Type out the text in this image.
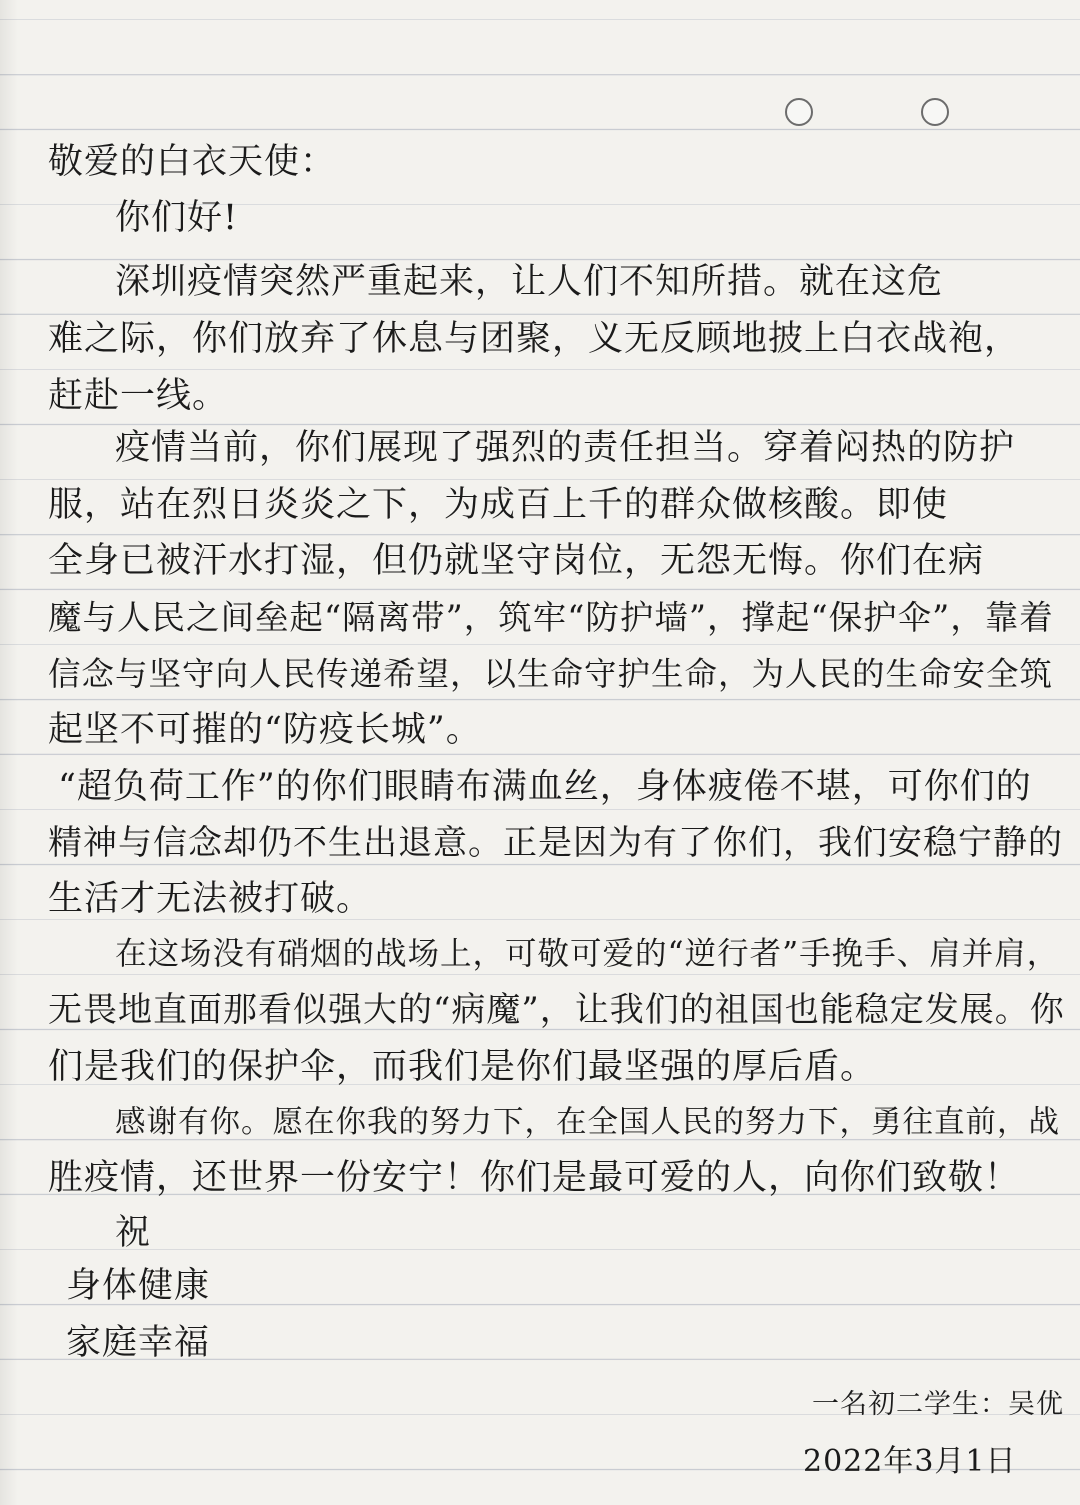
敬爱的白衣天使：
你们好!
深圳疫情突然严重起来，让人们不知所措。就在这危
难之际，你们放弃了休息与团聚，义无反顾地披上白衣战袍，
赶赴一线。
疫情当前，你们展现了强烈的责任担当。穿着闷热的防护
服，站在烈日炎炎之下，为成百上千的群众做核酸。即使
全身已被汗水打湿，但仍就坚守岗位，无怨无悔。你们在病
魔与人民之间垒起“隔离带”，筑牢“防护墙”，撑起“保护伞”，靠着
信念与坚守向人民传递希望，以生命守护生命，为人民的生命安全筑
起坚不可摧的“防疫长城”。
“超负荷工作”的你们眼睛布满血丝，身体疲倦不堪，可你们的
精神与信念却仍不生出退意。正是因为有了你们，我们安稳宁静的
生活才无法被打破。
在这场没有硝烟的战场上，可敬可爱的“逆行者”手挽手、肩并肩，
无畏地直面那看似强大的“病魔”，让我们的祖国也能稳定发展。你
们是我们的保护伞，而我们是你们最坚强的厚后盾。
感谢有你。愿在你我的努力下，在全国人民的努力下，勇往直前，战
胜疫情，还世界一份安宁！你们是最可爱的人，向你们致敬！
祝
身体健康
家庭幸福
一名初二学生：吴优
2022年3月1日
